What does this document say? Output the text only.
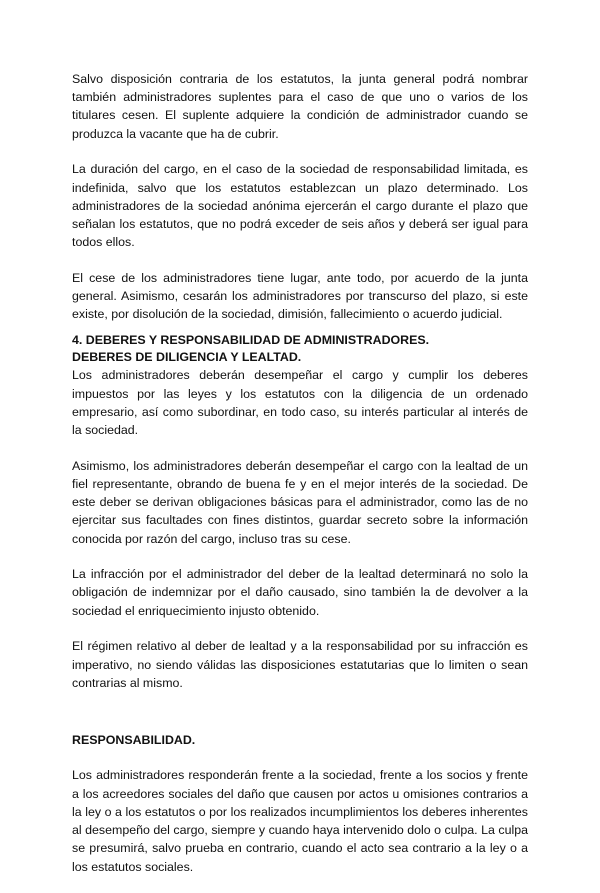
Salvo disposición contraria de los estatutos, la junta general podrá nombrar también administradores suplentes para el caso de que uno o varios de los titulares cesen. El suplente adquiere la condición de administrador cuando se produzca la vacante que ha de cubrir.

La duración del cargo, en el caso de la sociedad de responsabilidad limitada, es indefinida, salvo que los estatutos establezcan un plazo determinado. Los administradores de la sociedad anónima ejercerán el cargo durante el plazo que señalan los estatutos, que no podrá exceder de seis años y deberá ser igual para todos ellos.

El cese de los administradores tiene lugar, ante todo, por acuerdo de la junta general. Asimismo, cesarán los administradores por transcurso del plazo, si este existe, por disolución de la sociedad, dimisión, fallecimiento o acuerdo judicial.

4. DEBERES Y RESPONSABILIDAD DE ADMINISTRADORES.
DEBERES DE DILIGENCIA Y LEALTAD.

Los administradores deberán desempeñar el cargo y cumplir los deberes impuestos por las leyes y los estatutos con la diligencia de un ordenado empresario, así como subordinar, en todo caso, su interés particular al interés de la sociedad.

Asimismo, los administradores deberán desempeñar el cargo con la lealtad de un fiel representante, obrando de buena fe y en el mejor interés de la sociedad. De este deber se derivan obligaciones básicas para el administrador, como las de no ejercitar sus facultades con fines distintos, guardar secreto sobre la información conocida por razón del cargo, incluso tras su cese.

La infracción por el administrador del deber de la lealtad determinará no solo la obligación de indemnizar por el daño causado, sino también la de devolver a la sociedad el enriquecimiento injusto obtenido.

El régimen relativo al deber de lealtad y a la responsabilidad por su infracción es imperativo, no siendo válidas las disposiciones estatutarias que lo limiten o sean contrarias al mismo.

RESPONSABILIDAD.

Los administradores responderán frente a la sociedad, frente a los socios y frente a los acreedores sociales del daño que causen por actos u omisiones contrarios a la ley o a los estatutos o por los realizados incumplimientos los deberes inherentes al desempeño del cargo, siempre y cuando haya intervenido dolo o culpa. La culpa se presumirá, salvo prueba en contrario, cuando el acto sea contrario a la ley o a los estatutos sociales.
